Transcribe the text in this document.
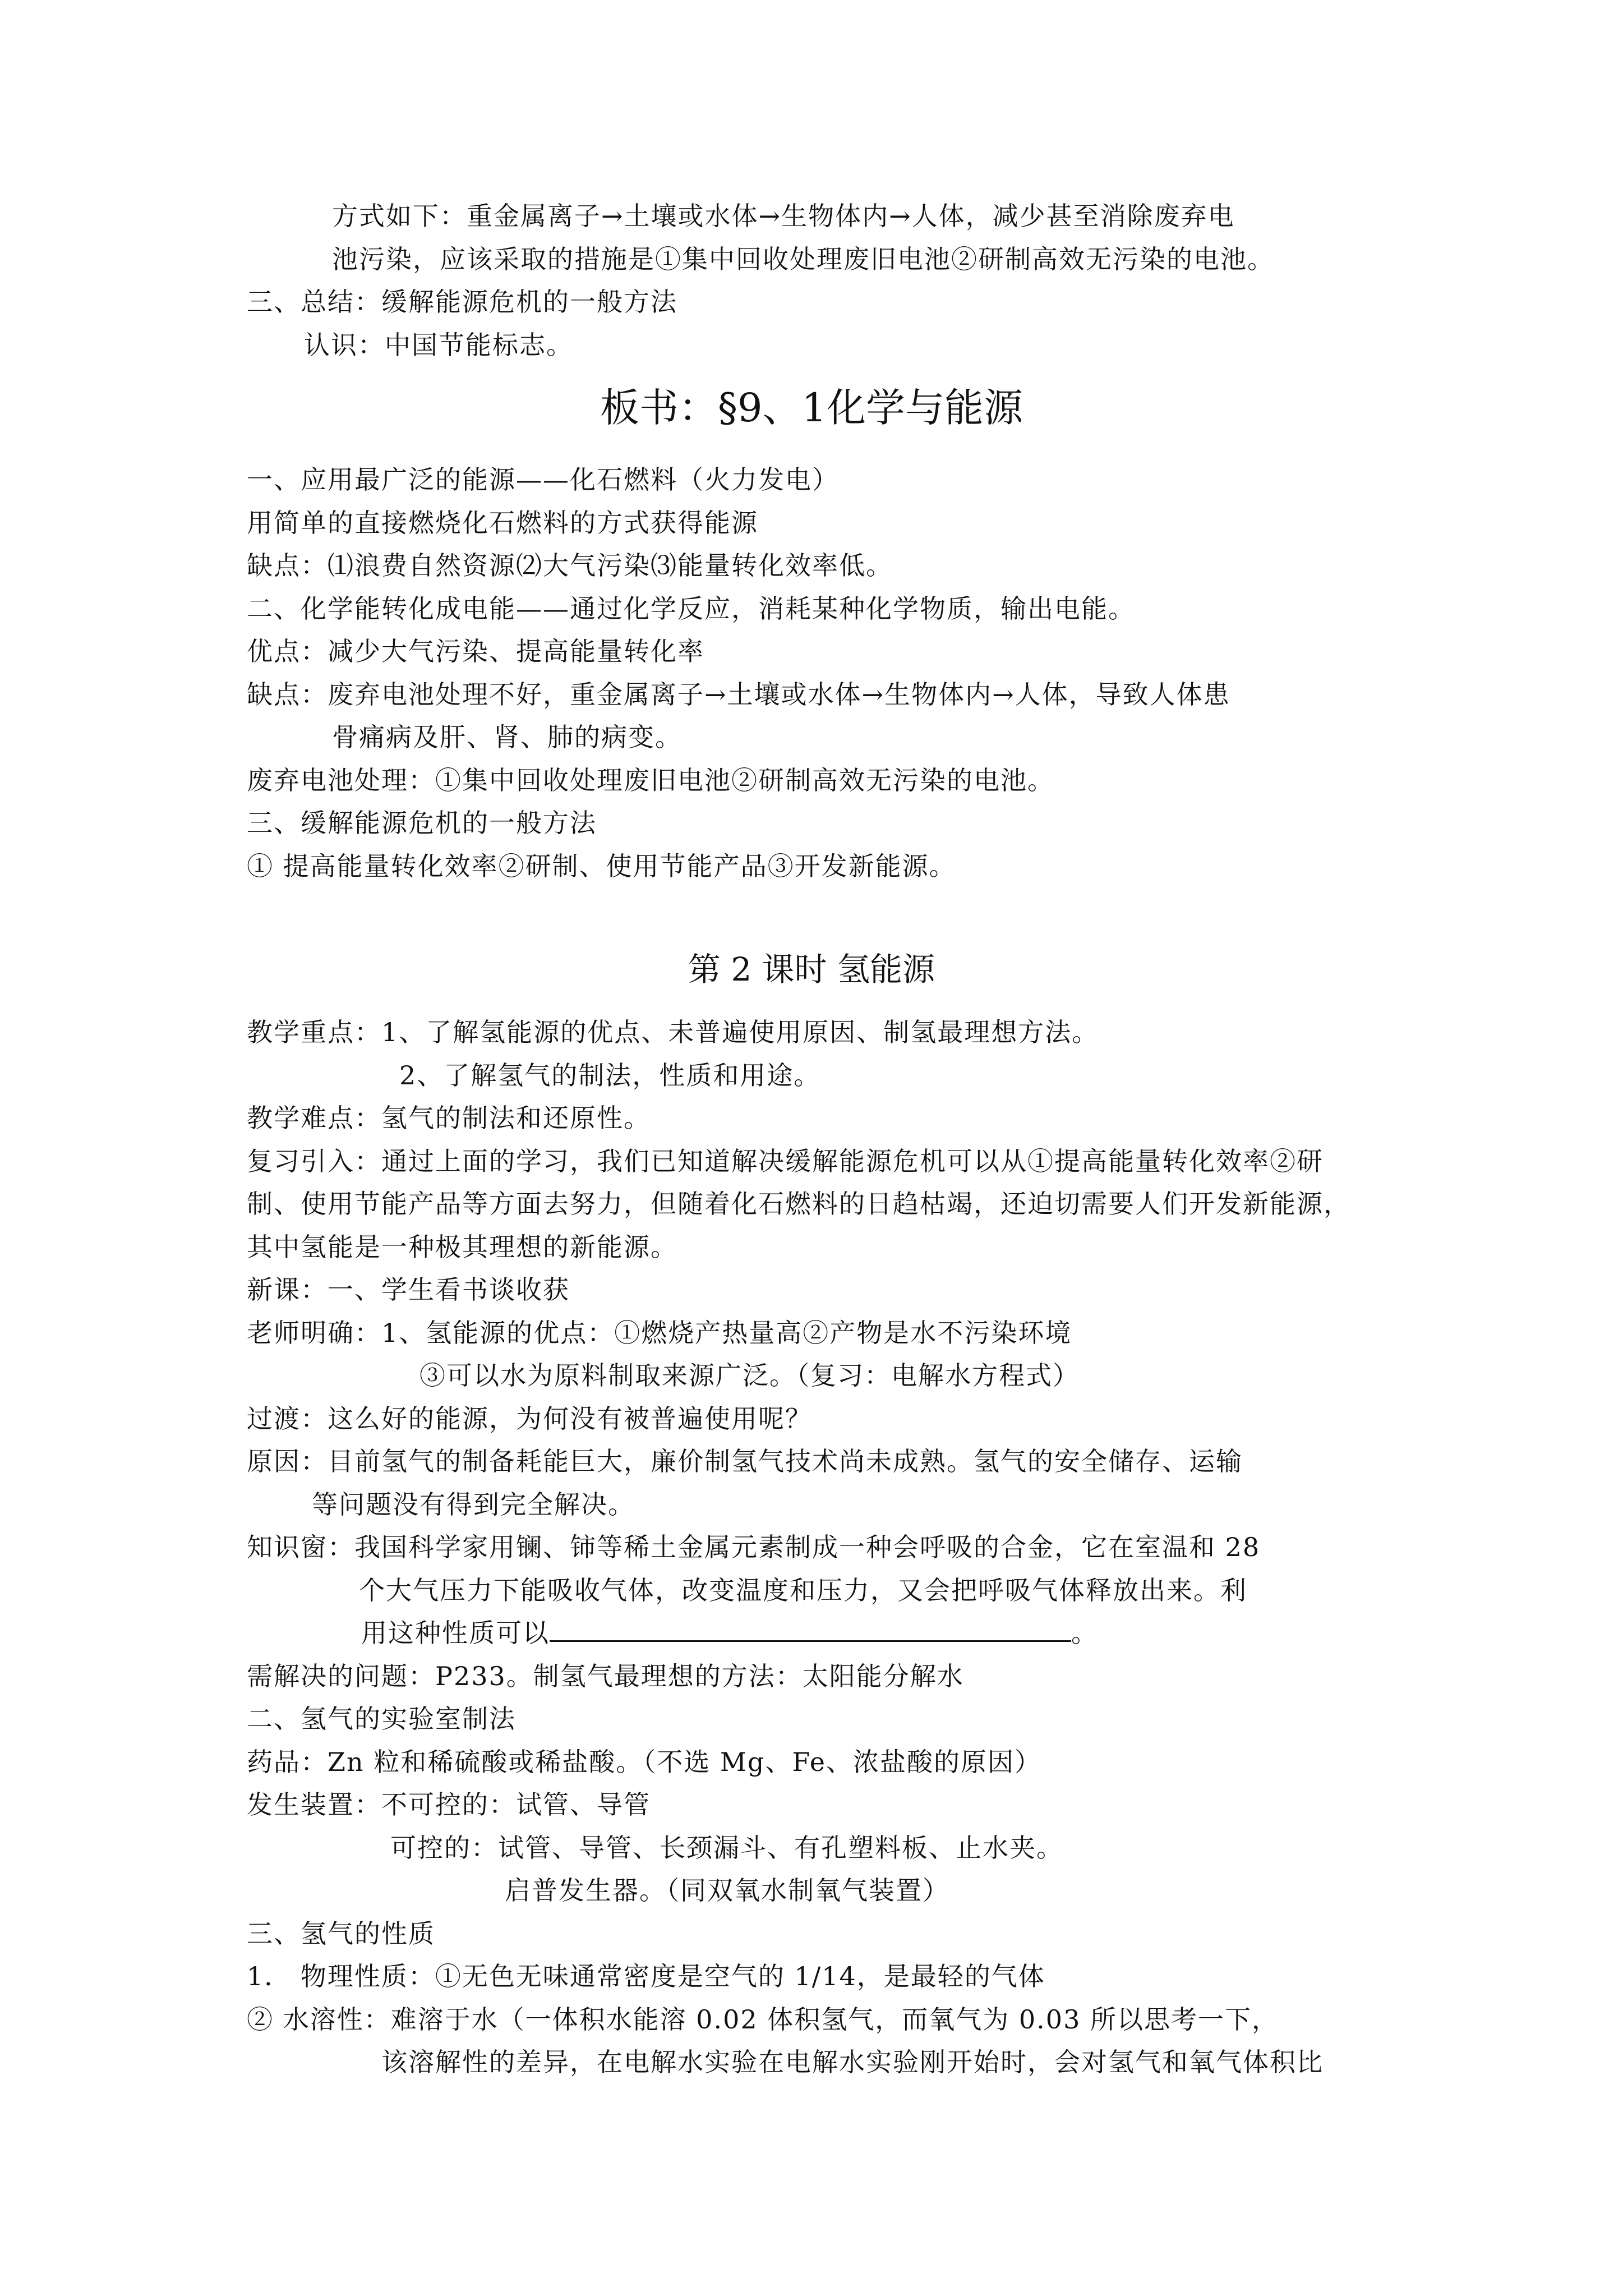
方式如下：重金属离子→土壤或水体→生物体内→人体，减少甚至消除废弃电
池污染，应该采取的措施是①集中回收处理废旧电池②研制高效无污染的电池。
三、总结：缓解能源危机的一般方法
认识：中国节能标志。
板书：§9、1化学与能源
一、应用最广泛的能源——化石燃料（火力发电）
用简单的直接燃烧化石燃料的方式获得能源
缺点：⑴浪费自然资源⑵大气污染⑶能量转化效率低。
二、化学能转化成电能——通过化学反应，消耗某种化学物质，输出电能。
优点：减少大气污染、提高能量转化率
缺点：废弃电池处理不好，重金属离子→土壤或水体→生物体内→人体，导致人体患
骨痛病及肝、肾、肺的病变。
废弃电池处理：①集中回收处理废旧电池②研制高效无污染的电池。
三、缓解能源危机的一般方法
① 提高能量转化效率②研制、使用节能产品③开发新能源。
第 2 课时 氢能源
教学重点：1、了解氢能源的优点、未普遍使用原因、制氢最理想方法。
2、了解氢气的制法，性质和用途。
教学难点：氢气的制法和还原性。
复习引入：通过上面的学习，我们已知道解决缓解能源危机可以从①提高能量转化效率②研
制、使用节能产品等方面去努力，但随着化石燃料的日趋枯竭，还迫切需要人们开发新能源，
其中氢能是一种极其理想的新能源。
新课：一、学生看书谈收获
老师明确：1、氢能源的优点：①燃烧产热量高②产物是水不污染环境
③可以水为原料制取来源广泛。（复习：电解水方程式）
过渡：这么好的能源，为何没有被普遍使用呢？
原因：目前氢气的制备耗能巨大，廉价制氢气技术尚未成熟。氢气的安全储存、运输
等问题没有得到完全解决。
知识窗：我国科学家用镧、铈等稀土金属元素制成一种会呼吸的合金，它在室温和 28
个大气压力下能吸收气体，改变温度和压力，又会把呼吸气体释放出来。利
用这种性质可以	。
需解决的问题：P233。制氢气最理想的方法：太阳能分解水
二、氢气的实验室制法
药品：Zn 粒和稀硫酸或稀盐酸。（不选 Mg、Fe、浓盐酸的原因）
发生装置：不可控的：试管、导管
可控的：试管、导管、长颈漏斗、有孔塑料板、止水夹。
启普发生器。（同双氧水制氧气装置）
三、氢气的性质
1． 物理性质：①无色无味通常密度是空气的 1/14，是最轻的气体
② 水溶性：难溶于水（一体积水能溶 0.02 体积氢气，而氧气为 0.03 所以思考一下，
该溶解性的差异，在电解水实验在电解水实验刚开始时，会对氢气和氧气体积比
